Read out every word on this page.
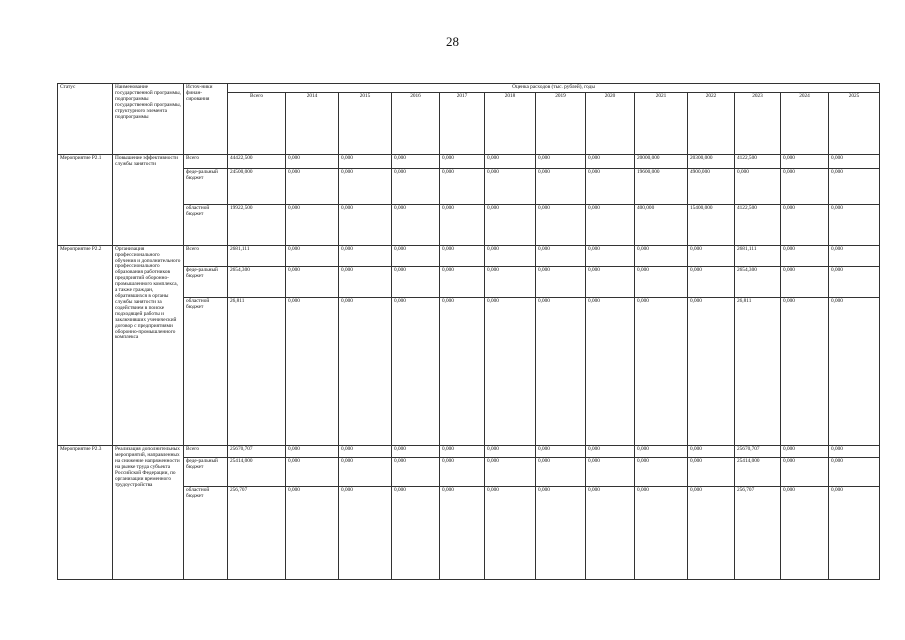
28
Статус	Наименование государственной программы, подпрограммы государственной программы, структурного элемента подпрограммы	Источ-ники финан-сирования	Оценка расходов (тыс. рублей), годы												
			Всего	2014	2015	2016	2017	2018	2019	2020	2021	2022	2023	2024	2025
Мероприятие P2.1	Повышение эффективности службы занятости	Всего	44422,500	0,000	0,000	0,000	0,000	0,000	0,000	0,000	20000,000	20300,000	4122,500	0,000	0,000
		феде-ральный бюджет	24500,000	0,000	0,000	0,000	0,000	0,000	0,000	0,000	19600,000	4900,000	0,000	0,000	0,000
		областной бюджет	19922,500	0,000	0,000	0,000	0,000	0,000	0,000	0,000	400,000	15400,000	4122,500	0,000	0,000
Мероприятие P2.2	Организация профессионального обучения и дополнительного профессионального образования работников предприятий оборонно-промышленного комплекса, а также граждан, обратившихся в органы службы занятости за содействием в поиске подходящей работы и заключивших ученический договор с предприятиями оборонно-промышленного комплекса	Всего	2681,111	0,000	0,000	0,000	0,000	0,000	0,000	0,000	0,000	0,000	2681,111	0,000	0,000
		феде-ральный бюджет	2654,300	0,000	0,000	0,000	0,000	0,000	0,000	0,000	0,000	0,000	2654,300	0,000	0,000
		областной бюджет	26,811	0,000	0,000	0,000	0,000	0,000	0,000	0,000	0,000	0,000	26,811	0,000	0,000
Мероприятие P2.3	Реализация дополнительных мероприятий, направленных на снижение напряженности на рынке труда субъекта Российской Федерации, по организации временного трудоустройства	Всего	25670,707	0,000	0,000	0,000	0,000	0,000	0,000	0,000	0,000	0,000	25670,707	0,000	0,000
		феде-ральный бюджет	25414,000	0,000	0,000	0,000	0,000	0,000	0,000	0,000	0,000	0,000	25414,000	0,000	0,000
		областной бюджет	256,707	0,000	0,000	0,000	0,000	0,000	0,000	0,000	0,000	0,000	256,707	0,000	0,000
